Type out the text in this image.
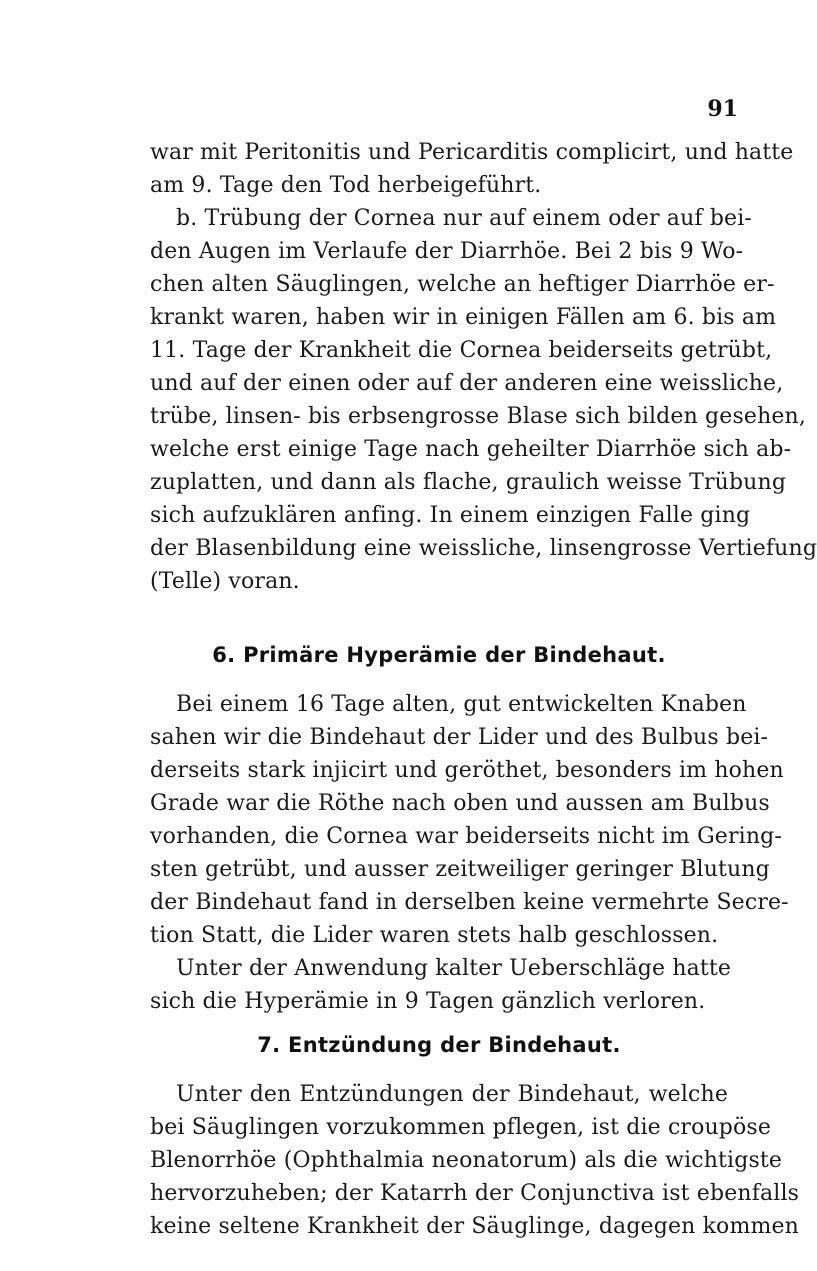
91
war mit Peritonitis und Pericarditis complicirt, und hatte
am 9. Tage den Tod herbeigeführt.
b. Trübung der Cornea nur auf einem oder auf bei-
den Augen im Verlaufe der Diarrhöe. Bei 2 bis 9 Wo-
chen alten Säuglingen, welche an heftiger Diarrhöe er-
krankt waren, haben wir in einigen Fällen am 6. bis am
11. Tage der Krankheit die Cornea beiderseits getrübt,
und auf der einen oder auf der anderen eine weissliche,
trübe, linsen- bis erbsengrosse Blase sich bilden gesehen,
welche erst einige Tage nach geheilter Diarrhöe sich ab-
zuplatten, und dann als flache, graulich weisse Trübung
sich aufzuklären anfing. In einem einzigen Falle ging
der Blasenbildung eine weissliche, linsengrosse Vertiefung
(Telle) voran.
6. Primäre Hyperämie der Bindehaut.
Bei einem 16 Tage alten, gut entwickelten Knaben
sahen wir die Bindehaut der Lider und des Bulbus bei-
derseits stark injicirt und geröthet, besonders im hohen
Grade war die Röthe nach oben und aussen am Bulbus
vorhanden, die Cornea war beiderseits nicht im Gering-
sten getrübt, und ausser zeitweiliger geringer Blutung
der Bindehaut fand in derselben keine vermehrte Secre-
tion Statt, die Lider waren stets halb geschlossen.
Unter der Anwendung kalter Ueberschläge hatte
sich die Hyperämie in 9 Tagen gänzlich verloren.
7. Entzündung der Bindehaut.
Unter den Entzündungen der Bindehaut, welche
bei Säuglingen vorzukommen pflegen, ist die croupöse
Blenorrhöe (Ophthalmia neonatorum) als die wichtigste
hervorzuheben; der Katarrh der Conjunctiva ist ebenfalls
keine seltene Krankheit der Säuglinge, dagegen kommen
